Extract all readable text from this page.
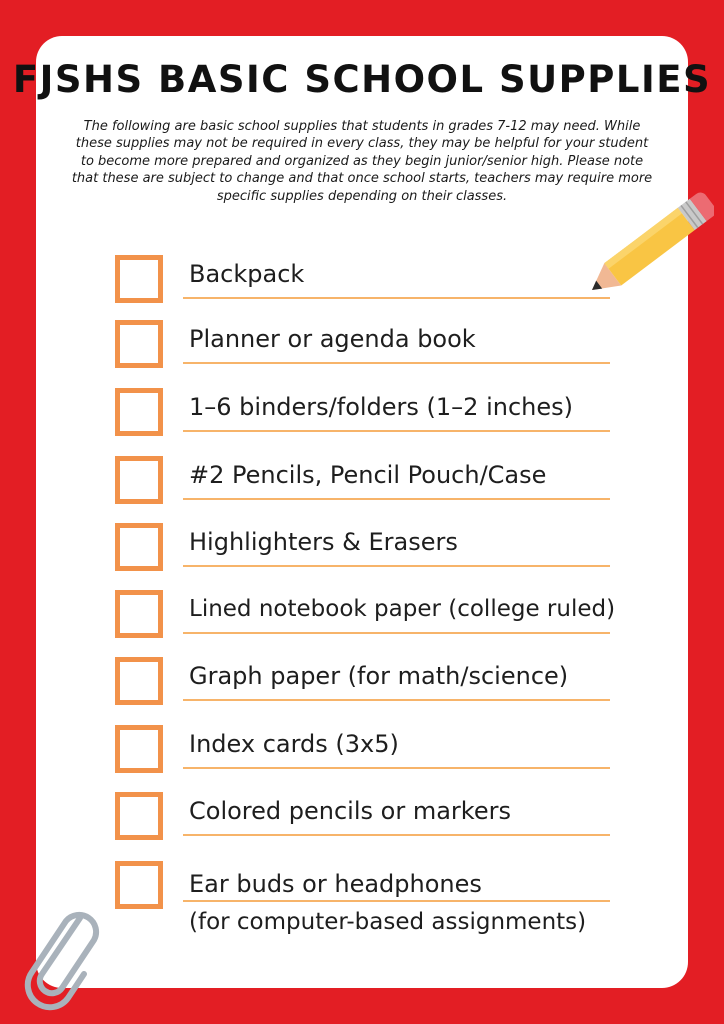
FJSHS BASIC SCHOOL SUPPLIES

The following are basic school supplies that students in grades 7-12 may need. While these supplies may not be required in every class, they may be helpful for your student to become more prepared and organized as they begin junior/senior high. Please note that these are subject to change and that once school starts, teachers may require more specific supplies depending on their classes.

Backpack
Planner or agenda book
1–6 binders/folders (1–2 inches)
#2 Pencils, Pencil Pouch/Case
Highlighters & Erasers
Lined notebook paper (college ruled)
Graph paper (for math/science)
Index cards (3x5)
Colored pencils or markers
Ear buds or headphones
(for computer-based assignments)
